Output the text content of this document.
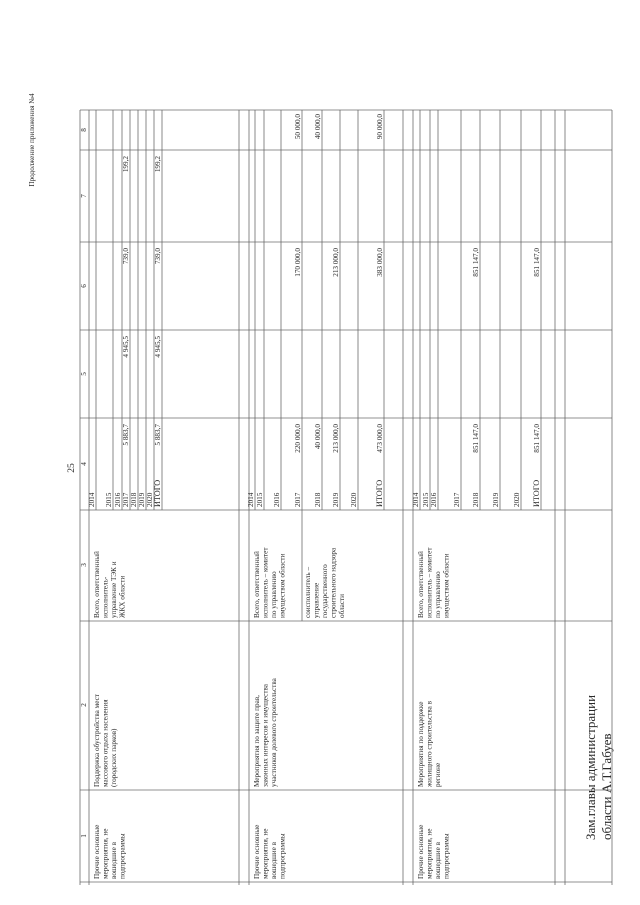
1
2
3
4
5
6
7
8
25
Продолжение приложения №4
Прочие основные мероприятия, не вошедшие в подпрограммы
Поддержка обустройства мест массового отдыха населения (городских парков)
Всего, ответственный исполнитель- управление ТЭК и ЖКХ области
2014 2015 2016 2017
5 883,7
4 945,5
739,0
199,2
2018 2019 2020 ИТОГО
5 883,7
4 945,5
739,0
199,2
Прочие основные мероприятия, не вошедшие в подпрограммы
Мероприятия по защите прав, законных интересов и имущества участников долевого строительства
Всего, ответственный исполнитель – комитет по управлению имуществом области соисполнитель – управление государственного строительного надзора области
2014 2015 2016 2017
220 000,0
170 000,0
50 000,0
2018
40 000,0
40 000,0
2019
213 000,0
213 000,0
2020 ИТОГО
473 000,0
383 000,0
90 000,0
Прочие основные мероприятия, не вошедшие в подпрограммы
Мероприятия по поддержке жилищного строительства в регионе
Всего, ответственный исполнитель – комитет по управлению имуществом области
2014 2015 2016 2017 2018
851 147,0
851 147,0
2019 2020 ИТОГО
851 147,0
851 147,0
Зам.главы администрации области А.Т.Габуев
